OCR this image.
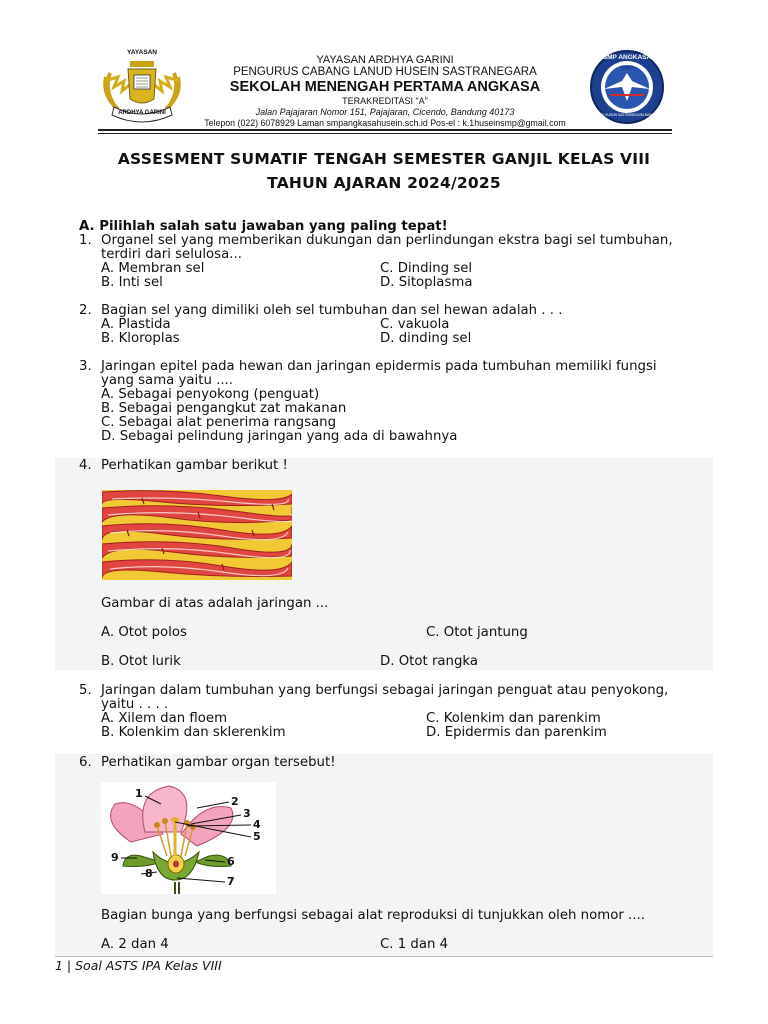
YAYASAN
ARDHYA GARINI
YAYASAN ARDHYA GARINI
PENGURUS CABANG LANUD HUSEIN SASTRANEGARA
SEKOLAH MENENGAH PERTAMA ANGKASA
TERAKREDITASI "A"
Jalan Pajajaran Nomor 151, Pajajaran, Cicendo, Bandung 40173
Telepon (022) 6078929 Laman smpangkasahusein.sch.id Pos-el : k.1huseinsmp@gmail.com
SMP ANGKASA
SMP
LANUD HUSEIN SASTRANEGARA BANDUNG
ASSESMENT SUMATIF TENGAH SEMESTER GANJIL KELAS VIII
TAHUN AJARAN 2024/2025
A. Pilihlah salah satu jawaban yang paling tepat!
1. Organel sel yang memberikan dukungan dan perlindungan ekstra bagi sel tumbuhan,
terdiri dari selulosa...
A. Membran sel	C. Dinding sel
B. Inti sel	D. Sitoplasma
2. Bagian sel yang dimiliki oleh sel tumbuhan dan sel hewan adalah . . .
A. Plastida	C. vakuola
B. Kloroplas	D. dinding sel
3. Jaringan epitel pada hewan dan jaringan epidermis pada tumbuhan memiliki fungsi
yang sama yaitu ....
A. Sebagai penyokong (penguat)
B. Sebagai pengangkut zat makanan
C. Sebagai alat penerima rangsang
D. Sebagai pelindung jaringan yang ada di bawahnya
4. Perhatikan gambar berikut !
Gambar di atas adalah jaringan ...
A. Otot polos	C. Otot jantung
B. Otot lurik	D. Otot rangka
5. Jaringan dalam tumbuhan yang berfungsi sebagai jaringan penguat atau penyokong,
yaitu . . . .
A. Xilem dan floem	C. Kolenkim dan parenkim
B. Kolenkim dan sklerenkim	D. Epidermis dan parenkim
6. Perhatikan gambar organ tersebut!
1
2
3
4
5
6
7
8
9
Bagian bunga yang berfungsi sebagai alat reproduksi di tunjukkan oleh nomor ....
A. 2 dan 4	C. 1 dan 4
1 | Soal ASTS IPA Kelas VIII
